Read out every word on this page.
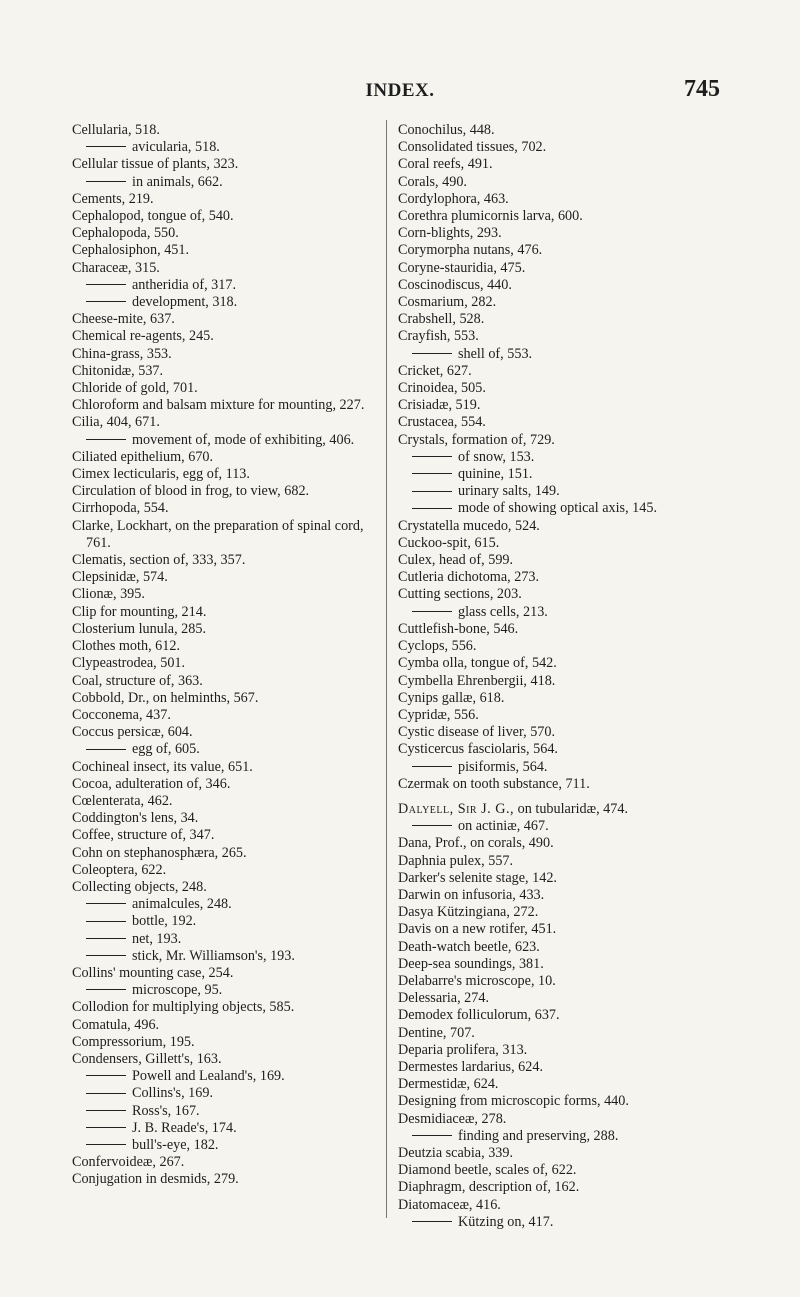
INDEX.	745
Cellularia, 518.
avicularia, 518.
Cellular tissue of plants, 323.
in animals, 662.
Cements, 219.
Cephalopod, tongue of, 540.
Cephalopoda, 550.
Cephalosiphon, 451.
Characeæ, 315.
antheridia of, 317.
development, 318.
Cheese-mite, 637.
Chemical re-agents, 245.
China-grass, 353.
Chitonidæ, 537.
Chloride of gold, 701.
Chloroform and balsam mixture for mounting, 227.
Cilia, 404, 671.
movement of, mode of exhibiting, 406.
Ciliated epithelium, 670.
Cimex lecticularis, egg of, 113.
Circulation of blood in frog, to view, 682.
Cirrhopoda, 554.
Clarke, Lockhart, on the preparation of spinal cord, 761.
Clematis, section of, 333, 357.
Clepsinidæ, 574.
Clionæ, 395.
Clip for mounting, 214.
Closterium lunula, 285.
Clothes moth, 612.
Clypeastrodea, 501.
Coal, structure of, 363.
Cobbold, Dr., on helminths, 567.
Cocconema, 437.
Coccus persicæ, 604.
egg of, 605.
Cochineal insect, its value, 651.
Cocoa, adulteration of, 346.
Cœlenterata, 462.
Coddington's lens, 34.
Coffee, structure of, 347.
Cohn on stephanosphæra, 265.
Coleoptera, 622.
Collecting objects, 248.
animalcules, 248.
bottle, 192.
net, 193.
stick, Mr. Williamson's, 193.
Collins' mounting case, 254.
microscope, 95.
Collodion for multiplying objects, 585.
Comatula, 496.
Compressorium, 195.
Condensers, Gillett's, 163.
Powell and Lealand's, 169.
Collins's, 169.
Ross's, 167.
J. B. Reade's, 174.
bull's-eye, 182.
Confervoideæ, 267.
Conjugation in desmids, 279.
Conochilus, 448.
Consolidated tissues, 702.
Coral reefs, 491.
Corals, 490.
Cordylophora, 463.
Corethra plumicornis larva, 600.
Corn-blights, 293.
Corymorpha nutans, 476.
Coryne-stauridia, 475.
Coscinodiscus, 440.
Cosmarium, 282.
Crabshell, 528.
Crayfish, 553.
shell of, 553.
Cricket, 627.
Crinoidea, 505.
Crisiadæ, 519.
Crustacea, 554.
Crystals, formation of, 729.
of snow, 153.
quinine, 151.
urinary salts, 149.
mode of showing optical axis, 145.
Crystatella mucedo, 524.
Cuckoo-spit, 615.
Culex, head of, 599.
Cutleria dichotoma, 273.
Cutting sections, 203.
glass cells, 213.
Cuttlefish-bone, 546.
Cyclops, 556.
Cymba olla, tongue of, 542.
Cymbella Ehrenbergii, 418.
Cynips gallæ, 618.
Cypridæ, 556.
Cystic disease of liver, 570.
Cysticercus fasciolaris, 564.
pisiformis, 564.
Czermak on tooth substance, 711.
Dalyell, Sir J. G., on tubularidæ, 474.
on actiniæ, 467.
Dana, Prof., on corals, 490.
Daphnia pulex, 557.
Darker's selenite stage, 142.
Darwin on infusoria, 433.
Dasya Kützingiana, 272.
Davis on a new rotifer, 451.
Death-watch beetle, 623.
Deep-sea soundings, 381.
Delabarre's microscope, 10.
Delessaria, 274.
Demodex folliculorum, 637.
Dentine, 707.
Deparia prolifera, 313.
Dermestes lardarius, 624.
Dermestidæ, 624.
Designing from microscopic forms, 440.
Desmidiaceæ, 278.
finding and preserving, 288.
Deutzia scabia, 339.
Diamond beetle, scales of, 622.
Diaphragm, description of, 162.
Diatomaceæ, 416.
Kützing on, 417.
